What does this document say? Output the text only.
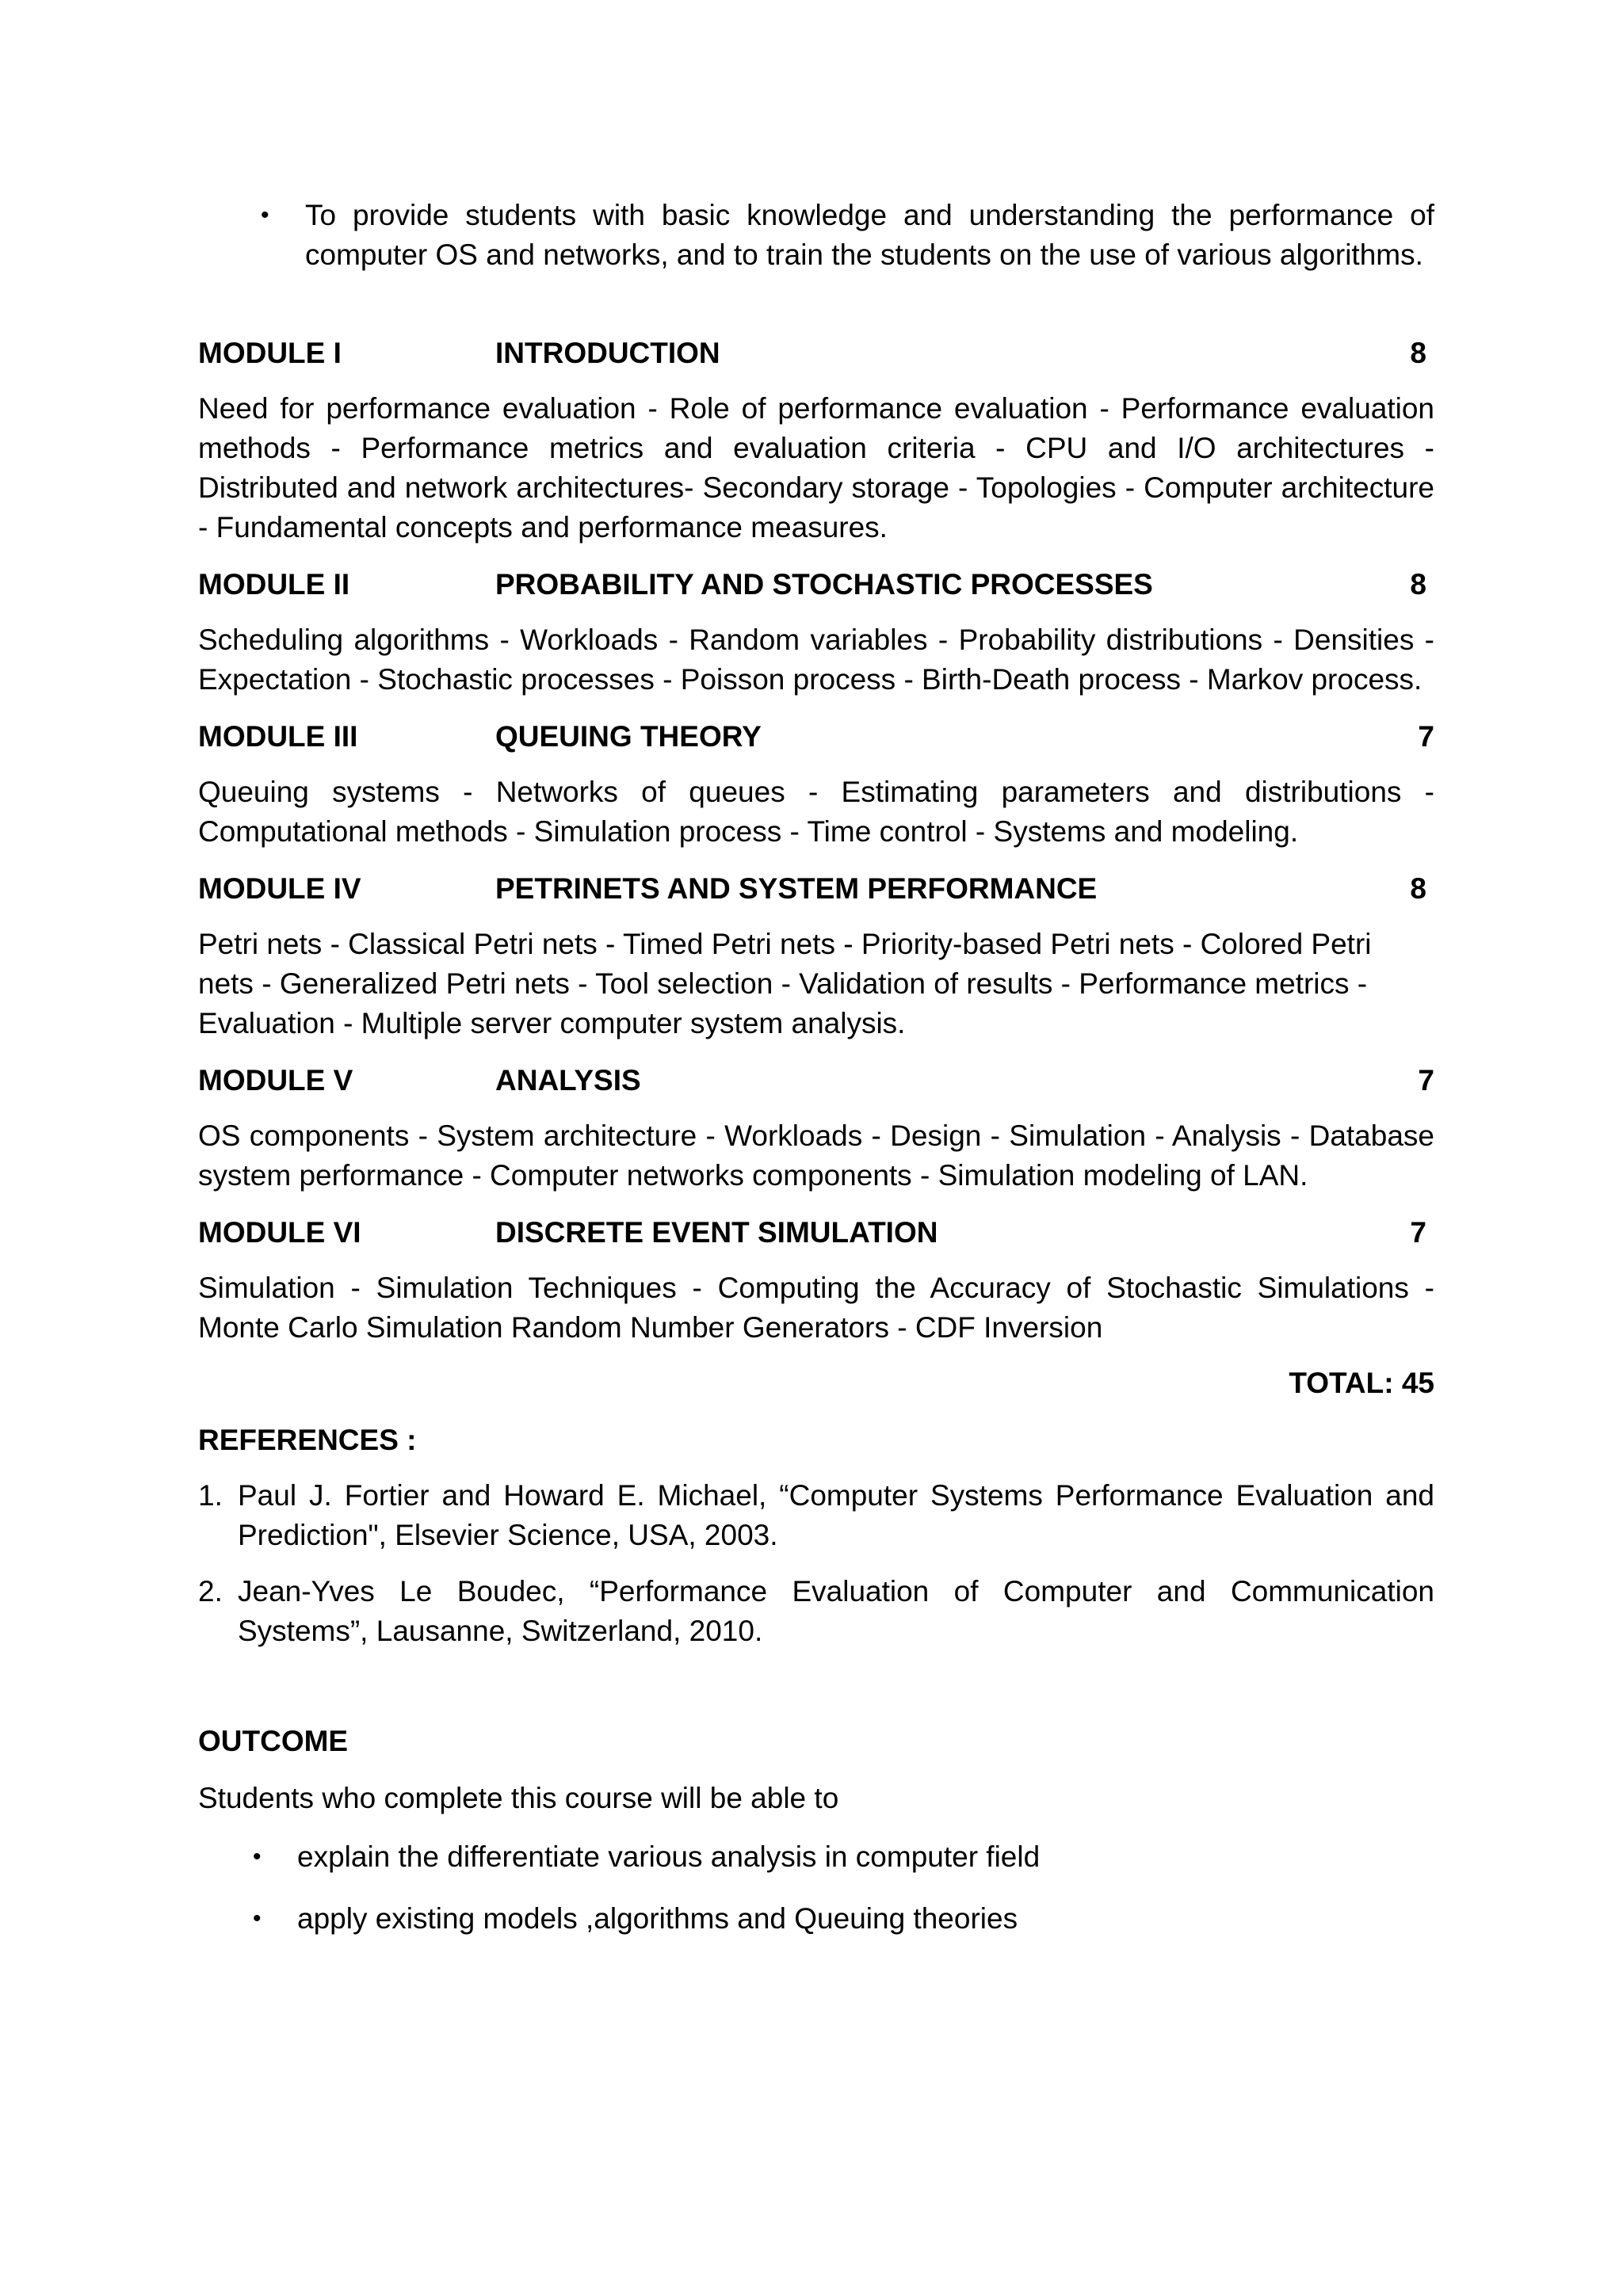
• To provide students with basic knowledge and understanding the performance of computer OS and networks, and to train the students on the use of various algorithms.
MODULE I	INTRODUCTION	8
Need for performance evaluation - Role of performance evaluation - Performance evaluation methods - Performance metrics and evaluation criteria - CPU and I/O architectures - Distributed and network architectures- Secondary storage - Topologies - Computer architecture - Fundamental concepts and performance measures.
MODULE II	PROBABILITY AND STOCHASTIC PROCESSES	8
Scheduling algorithms - Workloads - Random variables - Probability distributions - Densities - Expectation - Stochastic processes - Poisson process - Birth-Death process - Markov process.
MODULE III	QUEUING THEORY	7
Queuing systems - Networks of queues - Estimating parameters and distributions - Computational methods - Simulation process - Time control - Systems and modeling.
MODULE IV	PETRINETS AND SYSTEM PERFORMANCE	8
Petri nets - Classical Petri nets - Timed Petri nets - Priority-based Petri nets - Colored Petri nets - Generalized Petri nets - Tool selection - Validation of results - Performance metrics -Evaluation - Multiple server computer system analysis.
MODULE V	ANALYSIS	7
OS components - System architecture - Workloads - Design - Simulation - Analysis - Database system performance - Computer networks components - Simulation modeling of LAN.
MODULE VI	DISCRETE EVENT SIMULATION	7
Simulation - Simulation Techniques - Computing the Accuracy of Stochastic Simulations - Monte Carlo Simulation Random Number Generators - CDF Inversion
TOTAL: 45
REFERENCES :
1. Paul J. Fortier and Howard E. Michael, “Computer Systems Performance Evaluation and Prediction", Elsevier Science, USA, 2003.
2. Jean-Yves Le Boudec, “Performance Evaluation of Computer and Communication Systems”, Lausanne, Switzerland, 2010.
OUTCOME
Students who complete this course will be able to
• explain the differentiate various analysis in computer field
• apply existing models ,algorithms and Queuing theories
